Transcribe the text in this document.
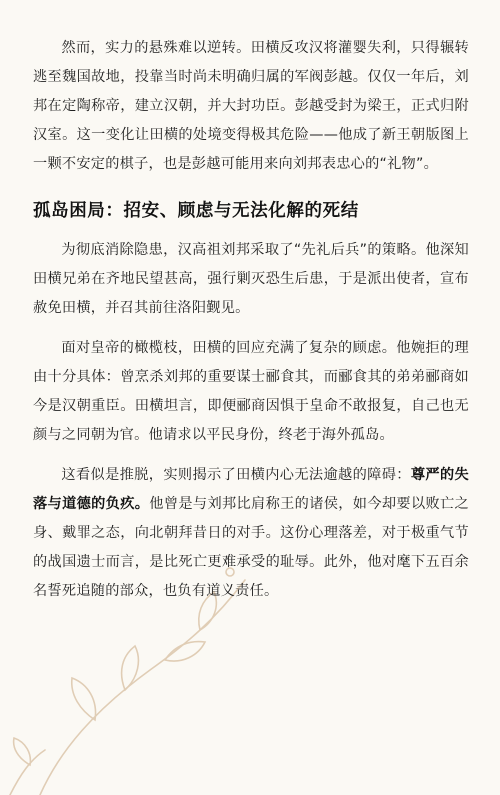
然而，实力的悬殊难以逆转。田横反攻汉将灌婴失利，只得辗转逃至魏国故地，投靠当时尚未明确归属的军阀彭越。仅仅一年后，刘邦在定陶称帝，建立汉朝，并大封功臣。彭越受封为梁王，正式归附汉室。这一变化让田横的处境变得极其危险——他成了新王朝版图上一颗不安定的棋子，也是彭越可能用来向刘邦表忠心的“礼物”。

孤岛困局：招安、顾虑与无法化解的死结

为彻底消除隐患，汉高祖刘邦采取了“先礼后兵”的策略。他深知田横兄弟在齐地民望甚高，强行剿灭恐生后患，于是派出使者，宣布赦免田横，并召其前往洛阳觐见。

面对皇帝的橄榄枝，田横的回应充满了复杂的顾虑。他婉拒的理由十分具体：曾烹杀刘邦的重要谋士郦食其，而郦食其的弟弟郦商如今是汉朝重臣。田横坦言，即便郦商因惧于皇命不敢报复，自己也无颜与之同朝为官。他请求以平民身份，终老于海外孤岛。

这看似是推脱，实则揭示了田横内心无法逾越的障碍：尊严的失落与道德的负疚。他曾是与刘邦比肩称王的诸侯，如今却要以败亡之身、戴罪之态，向北朝拜昔日的对手。这份心理落差，对于极重气节的战国遗士而言，是比死亡更难承受的耻辱。此外，他对麾下五百余名誓死追随的部众，也负有道义责任。
